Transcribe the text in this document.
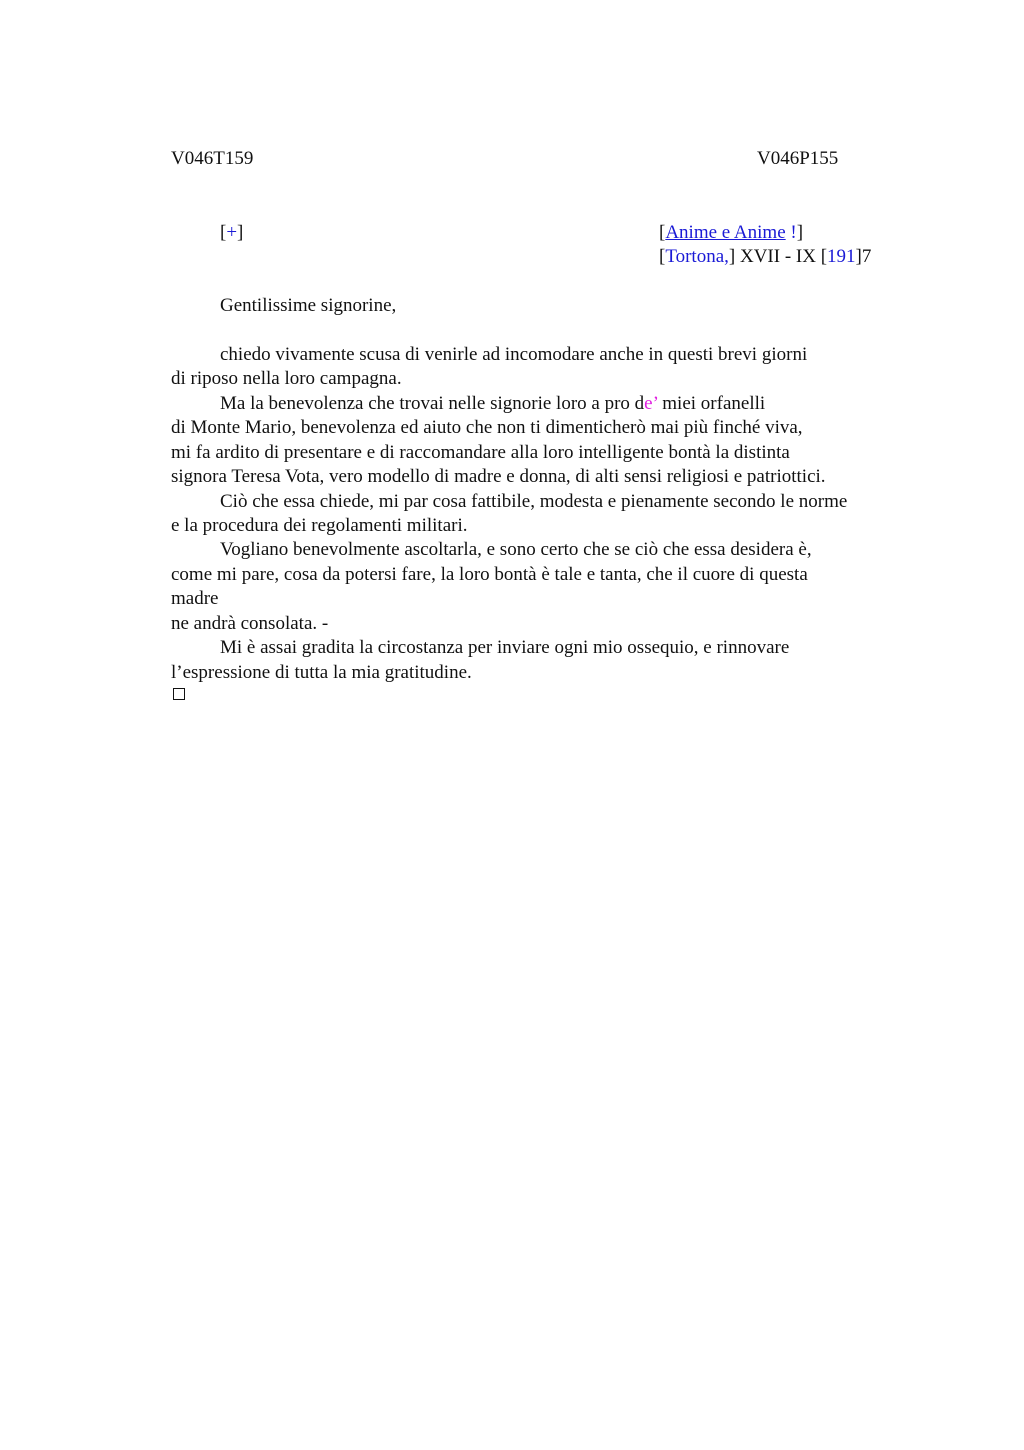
V046T159	V046P155
[+]	[Anime e Anime !]
[Tortona,] XVII - IX [191]7
Gentilissime signorine,
chiedo vivamente scusa di venirle ad incomodare anche in questi brevi giorni
di riposo nella loro campagna.
Ma la benevolenza che trovai nelle signorie loro a pro de’ miei orfanelli
di Monte Mario, benevolenza ed aiuto che non ti dimenticherò mai più finché viva,
mi fa ardito di presentare e di raccomandare alla loro intelligente bontà la distinta
signora Teresa Vota, vero modello di madre e donna, di alti sensi religiosi e patriottici.
Ciò che essa chiede, mi par cosa fattibile, modesta e pienamente secondo le norme
e la procedura dei regolamenti militari.
Vogliano benevolmente ascoltarla, e sono certo che se ciò che essa desidera è,
come mi pare, cosa da potersi fare, la loro bontà è tale e tanta, che il cuore di questa
madre
ne andrà consolata. -
Mi è assai gradita la circostanza per inviare ogni mio ossequio, e rinnovare
l’espressione di tutta la mia gratitudine.
